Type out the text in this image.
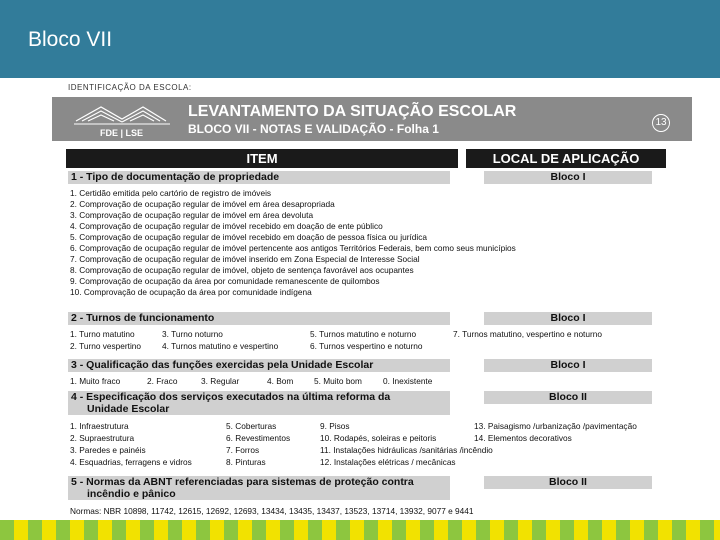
Bloco VII
IDENTIFICAÇÃO DA ESCOLA:
FDE | LSE
LEVANTAMENTO DA SITUAÇÃO ESCOLAR
BLOCO VII - NOTAS E VALIDAÇÃO - Folha 1	13
ITEM	LOCAL DE APLICAÇÃO
1 - Tipo de documentação de propriedade	Bloco I
1. Certidão emitida pelo cartório de registro de imóveis
2. Comprovação de ocupação regular de imóvel em área desapropriada
3. Comprovação de ocupação regular de imóvel em área devoluta
4. Comprovação de ocupação regular de imóvel recebido em doação de ente público
5. Comprovação de ocupação regular de imóvel recebido em doação de pessoa física ou jurídica
6. Comprovação de ocupação regular de imóvel pertencente aos antigos Territórios Federais, bem como seus municípios
7. Comprovação de ocupação regular de imóvel inserido em Zona Especial de Interesse Social
8. Comprovação de ocupação regular de imóvel, objeto de sentença favorável aos ocupantes
9. Comprovação de ocupação da área por comunidade remanescente de quilombos
10. Comprovação de ocupação da área por comunidade indígena
2 - Turnos de funcionamento	Bloco I
1. Turno matutino	3. Turno noturno	5. Turnos matutino e noturno	7. Turnos matutino, vespertino e noturno
2. Turno vespertino	4. Turnos matutino e vespertino	6. Turnos vespertino e noturno
3 - Qualificação das funções exercidas pela Unidade Escolar	Bloco I
1. Muito fraco	2. Fraco	3. Regular	4. Bom 5. Muito bom	0. Inexistente
4 - Especificação dos serviços executados na última reforma da
Unidade Escolar
Bloco II
1. Infraestrutura	5. Coberturas	9. Pisos	13. Paisagismo /urbanização /pavimentação
2. Supraestrutura	6. Revestimentos	10. Rodapés, soleiras e peitoris	14. Elementos decorativos
3. Paredes e painéis	7. Forros	11. Instalações hidráulicas /sanitárias /incêndio
4. Esquadrias, ferragens e vidros	8. Pinturas	12. Instalações elétricas / mecânicas
5 - Normas da ABNT referenciadas para sistemas de proteção contra
incêndio e pânico
Bloco II
Normas: NBR 10898, 11742, 12615, 12692, 12693, 13434, 13435, 13437, 13523, 13714, 13932, 9077 e 9441
